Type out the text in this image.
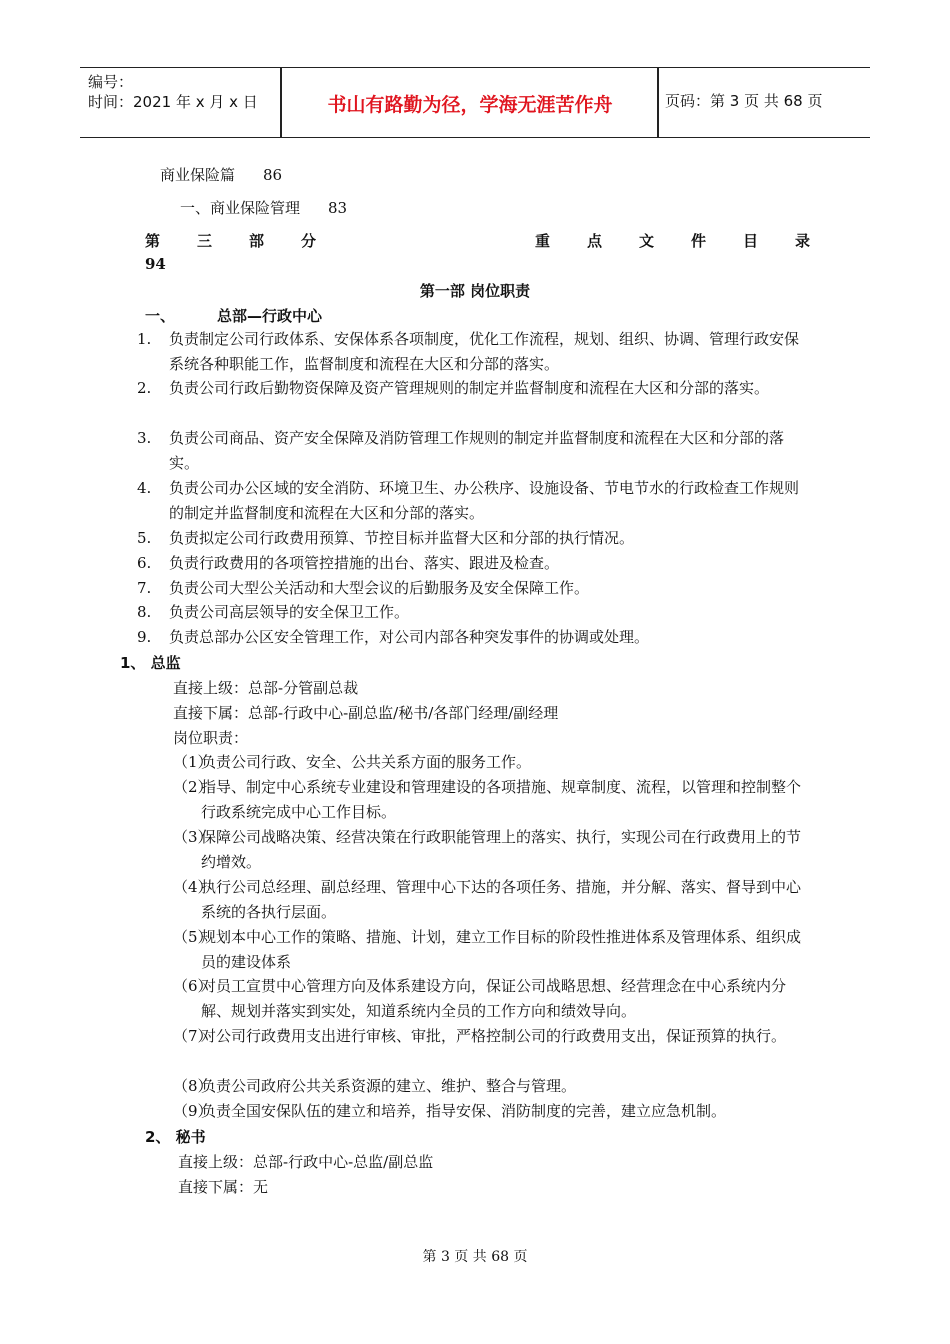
编号：
时间：2021 年 x 月 x 日	书山有路勤为径，学海无涯苦作舟	页码：第 3 页 共 68 页
商业保险篇 86
一、商业保险管理 83
第三部分	重点文件目录
94
第一部 岗位职责
一、	总部—行政中心
1. 负责制定公司行政体系、安保体系各项制度，优化工作流程，规划、组织、协调、管理行政安保系统各种职能工作，监督制度和流程在大区和分部的落实。
2. 负责公司行政后勤物资保障及资产管理规则的制定并监督制度和流程在大区和分部的落实。
3. 负责公司商品、资产安全保障及消防管理工作规则的制定并监督制度和流程在大区和分部的落实。
4. 负责公司办公区域的安全消防、环境卫生、办公秩序、设施设备、节电节水的行政检查工作规则的制定并监督制度和流程在大区和分部的落实。
5. 负责拟定公司行政费用预算、节控目标并监督大区和分部的执行情况。
6. 负责行政费用的各项管控措施的出台、落实、跟进及检查。
7. 负责公司大型公关活动和大型会议的后勤服务及安全保障工作。
8. 负责公司高层领导的安全保卫工作。
9. 负责总部办公区安全管理工作，对公司内部各种突发事件的协调或处理。
1、 总监
直接上级：总部-分管副总裁
直接下属：总部-行政中心-副总监/秘书/各部门经理/副经理
岗位职责：
（1）
负责公司行政、安全、公共关系方面的服务工作。
（2）
指导、制定中心系统专业建设和管理建设的各项措施、规章制度、流程，以管理和控制整个行政系统完成中心工作目标。
（3）
保障公司战略决策、经营决策在行政职能管理上的落实、执行，实现公司在行政费用上的节约增效。
（4）
执行公司总经理、副总经理、管理中心下达的各项任务、措施，并分解、落实、督导到中心系统的各执行层面。
（5）
规划本中心工作的策略、措施、计划，建立工作目标的阶段性推进体系及管理体系、组织成员的建设体系
（6）
对员工宣贯中心管理方向及体系建设方向，保证公司战略思想、经营理念在中心系统内分解、规划并落实到实处，知道系统内全员的工作方向和绩效导向。
（7）
对公司行政费用支出进行审核、审批，严格控制公司的行政费用支出，保证预算的执行。
（8）
负责公司政府公共关系资源的建立、维护、整合与管理。
（9）
负责全国安保队伍的建立和培养，指导安保、消防制度的完善，建立应急机制。
2、 秘书
直接上级：总部-行政中心-总监/副总监
直接下属：无
第 3 页 共 68 页
